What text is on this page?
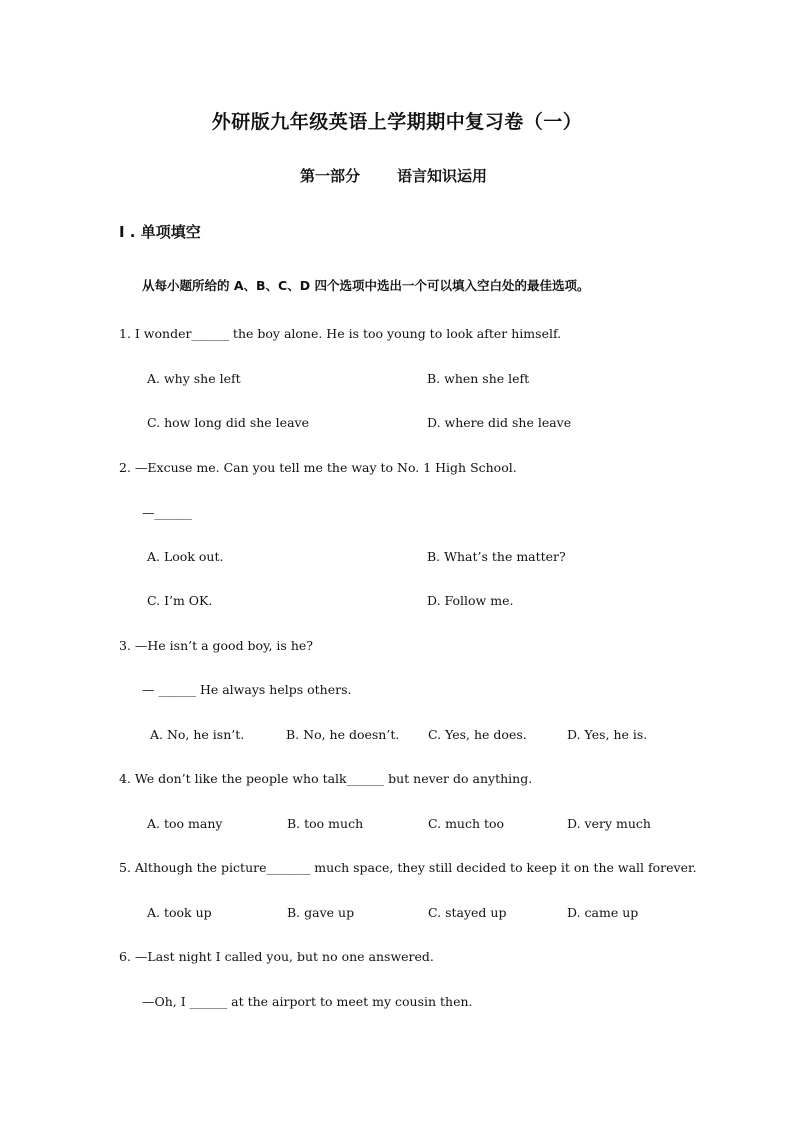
外研版九年级英语上学期期中复习卷（一）
第一部分 语言知识运用
I . 单项填空
从每小题所给的 A、B、C、D 四个选项中选出一个可以填入空白处的最佳选项。
1. I wonder______ the boy alone. He is too young to look after himself.
A. why she left	B. when she left
C. how long did she leave	D. where did she leave
2. —Excuse me. Can you tell me the way to No. 1 High School.
—______
A. Look out.	B. What’s the matter?
C. I’m OK.	D. Follow me.
3. —He isn’t a good boy, is he?
— ______ He always helps others.
A. No, he isn’t.	B. No, he doesn’t. C. Yes, he does.	D. Yes, he is.
4. We don’t like the people who talk______ but never do anything.
A. too many	B. too much	C. much too	D. very much
5. Although the picture_______ much space, they still decided to keep it on the wall forever.
A. took up	B. gave up	C. stayed up	D. came up
6. —Last night I called you, but no one answered.
—Oh, I ______ at the airport to meet my cousin then.
